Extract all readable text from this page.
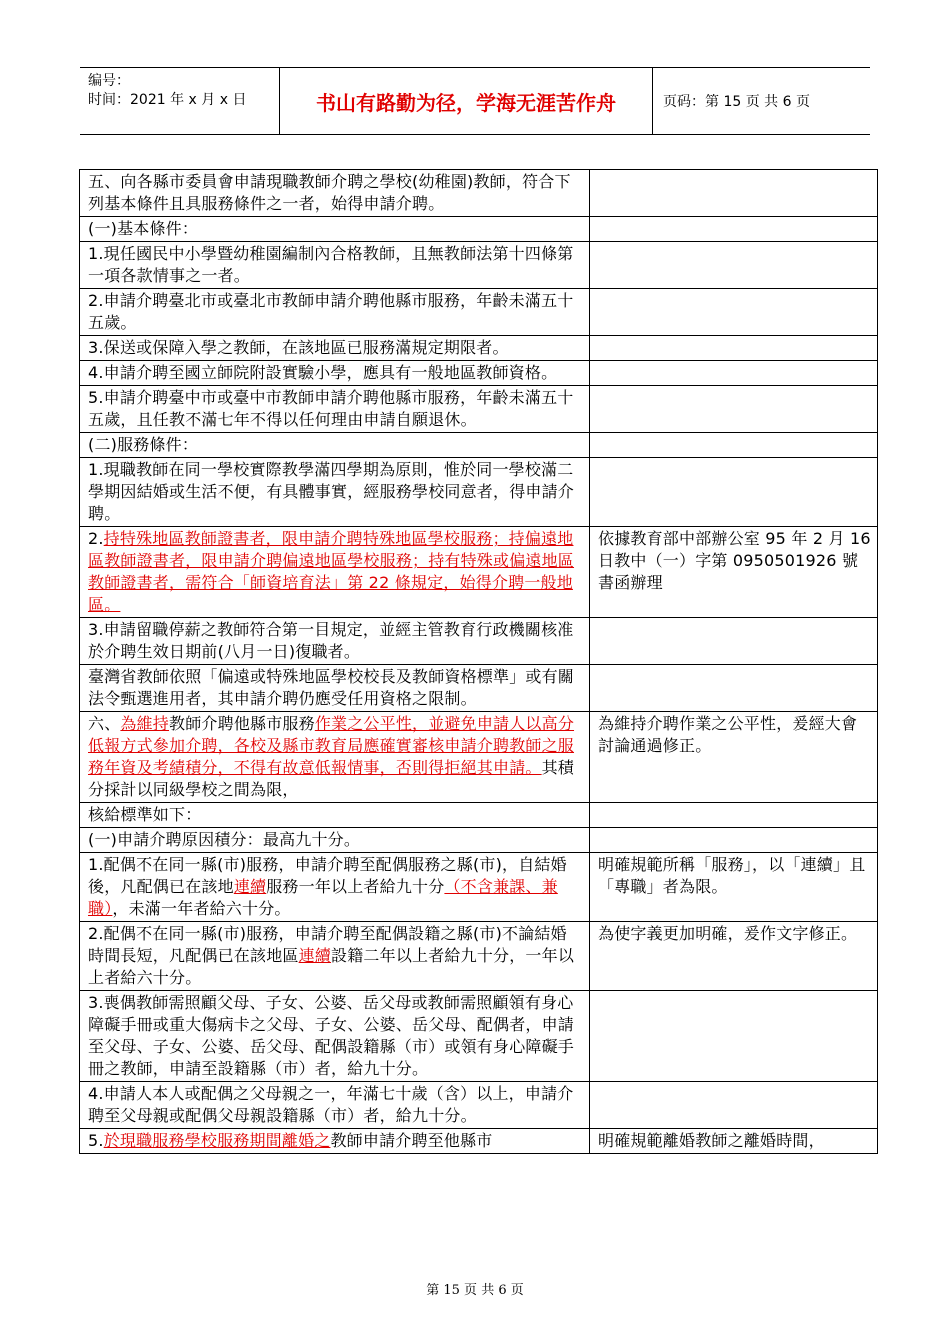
编号：
时间：2021 年 x 月 x 日	书山有路勤为径，学海无涯苦作舟	页码：第 15 页 共 6 页
五、向各縣市委員會申請現職教師介聘之學校(幼稚園)教師，符合下列基本條件且具服務條件之一者，始得申請介聘。	
(一)基本條件：	
1.現任國民中小學暨幼稚園編制內合格教師，且無教師法第十四條第一項各款情事之一者。	
2.申請介聘臺北市或臺北市教師申請介聘他縣市服務，年齡未滿五十五歲。	
3.保送或保障入學之教師，在該地區已服務滿規定期限者。	
4.申請介聘至國立師院附設實驗小學，應具有一般地區教師資格。	
5.申請介聘臺中市或臺中市教師申請介聘他縣市服務，年齡未滿五十五歲，且任教不滿七年不得以任何理由申請自願退休。	
(二)服務條件：	
1.現職教師在同一學校實際教學滿四學期為原則，惟於同一學校滿二學期因結婚或生活不便，有具體事實，經服務學校同意者，得申請介聘。	
2.持特殊地區教師證書者，限申請介聘特殊地區學校服務；持偏遠地區教師證書者，限申請介聘偏遠地區學校服務；持有特殊或偏遠地區教師證書者，需符合「師資培育法」第 22 條規定，始得介聘一般地區。	依據教育部中部辦公室 95 年 2 月 16 日教中（一）字第 0950501926 號書函辦理
3.申請留職停薪之教師符合第一目規定，並經主管教育行政機關核准於介聘生效日期前(八月一日)復職者。	
臺灣省教師依照「偏遠或特殊地區學校校長及教師資格標準」或有關法令甄選進用者，其申請介聘仍應受任用資格之限制。	
六、為維持教師介聘他縣市服務作業之公平性，並避免申請人以高分低報方式參加介聘，各校及縣市教育局應確實審核申請介聘教師之服務年資及考績積分，不得有故意低報情事，否則得拒絕其申請。其積分採計以同級學校之間為限，	為維持介聘作業之公平性，爰經大會討論通過修正。
核給標準如下：	
(一)申請介聘原因積分：最高九十分。	
1.配偶不在同一縣(市)服務，申請介聘至配偶服務之縣(市)，自結婚後，凡配偶已在該地連續服務一年以上者給九十分（不含兼課、兼職），未滿一年者給六十分。	明確規範所稱「服務」，以「連續」且「專職」者為限。
2.配偶不在同一縣(市)服務，申請介聘至配偶設籍之縣(市)不論結婚時間長短，凡配偶已在該地區連續設籍二年以上者給九十分，一年以上者給六十分。	為使字義更加明確，爰作文字修正。
3.喪偶教師需照顧父母、子女、公婆、岳父母或教師需照顧領有身心障礙手冊或重大傷病卡之父母、子女、公婆、岳父母、配偶者，申請至父母、子女、公婆、岳父母、配偶設籍縣（市）或領有身心障礙手冊之教師，申請至設籍縣（市）者，給九十分。	
4.申請人本人或配偶之父母親之一，年滿七十歲（含）以上，申請介聘至父母親或配偶父母親設籍縣（市）者，給九十分。	
5.於現職服務學校服務期間離婚之教師申請介聘至他縣市	明確規範離婚教師之離婚時間，
第 15 页 共 6 页
